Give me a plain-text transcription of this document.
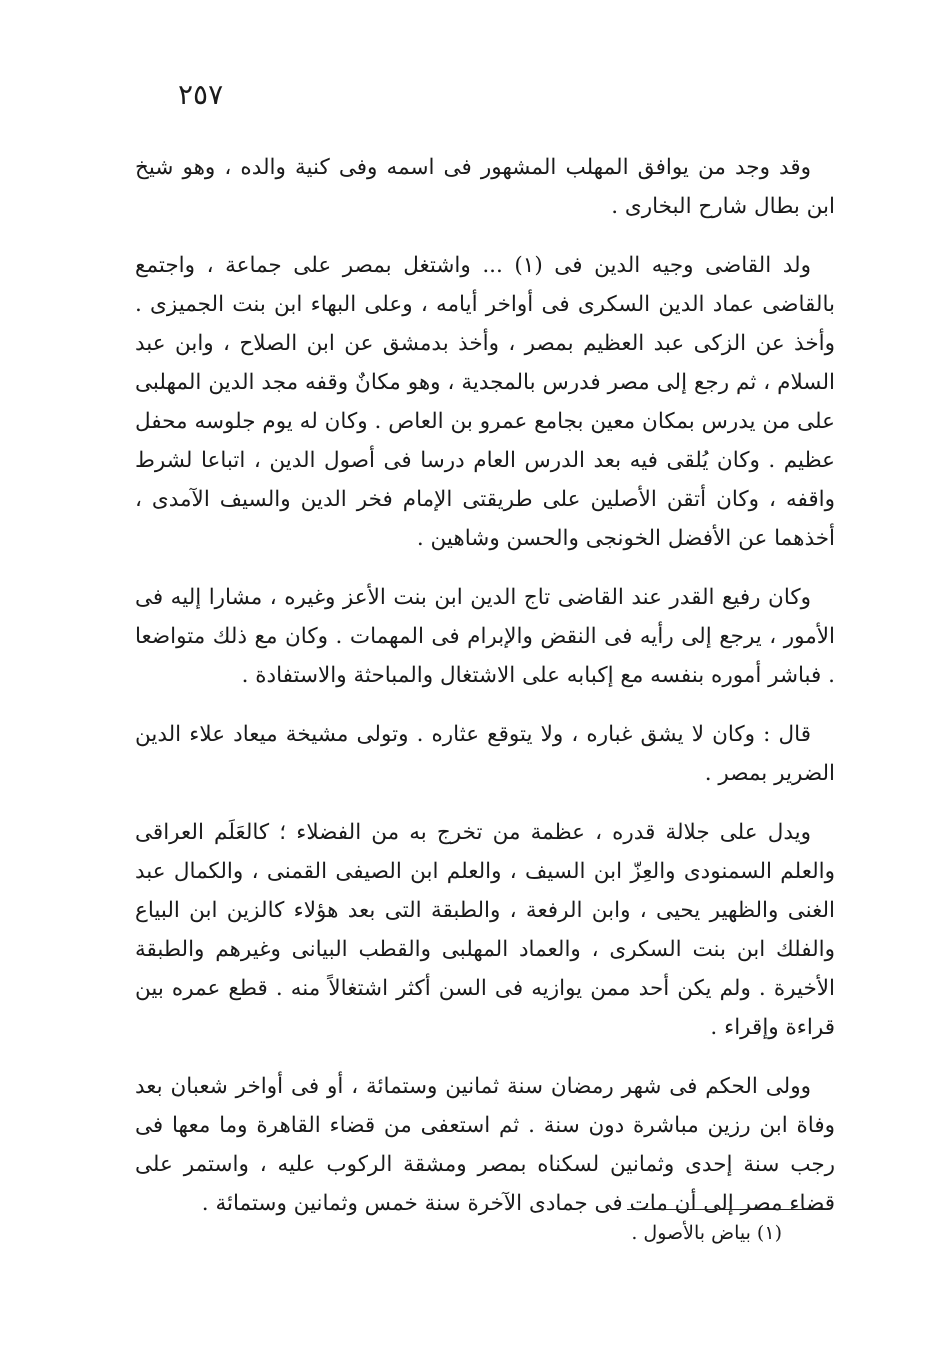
٢٥٧

وقد وجد من يوافق المهلب المشهور فى اسمه وفى كنية والده ، وهو شيخ ابن بطال شارح البخارى .

ولد القاضى وجيه الدين فى (١) ... واشتغل بمصر على جماعة ، واجتمع بالقاضى عماد الدين السكرى فى أواخر أيامه ، وعلى البهاء ابن بنت الجميزى . وأخذ عن الزكى عبد العظيم بمصر ، وأخذ بدمشق عن ابن الصلاح ، وابن عبد السلام ، ثم رجع إلى مصر فدرس بالمجدية ، وهو مكانٌ وقفه مجد الدين المهلبى على من يدرس بمكان معين بجامع عمرو بن العاص . وكان له يوم جلوسه محفل عظيم . وكان يُلقى فيه بعد الدرس العام درسا فى أصول الدين ، اتباعا لشرط واقفه ، وكان أتقن الأصلين على طريقتى الإمام فخر الدين والسيف الآمدى ، أخذهما عن الأفضل الخونجى والحسن وشاهين .

وكان رفيع القدر عند القاضى تاج الدين ابن بنت الأعز وغيره ، مشارا إليه فى الأمور ، يرجع إلى رأيه فى النقض والإبرام فى المهمات . وكان مع ذلك متواضعا . فباشر أموره بنفسه مع إكبابه على الاشتغال والمباحثة والاستفادة .

قال : وكان لا يشق غباره ، ولا يتوقع عثاره . وتولى مشيخة ميعاد علاء الدين الضرير بمصر .

ويدل على جلالة قدره ، عظمة من تخرج به من الفضلاء ؛ كالعَلَم العراقى والعلم السمنودى والعِزّ ابن السيف ، والعلم ابن الصيفى القمنى ، والكمال عبد الغنى والظهير يحيى ، وابن الرفعة ، والطبقة التى بعد هؤلاء كالزين ابن البياع والفلك ابن بنت السكرى ، والعماد المهلبى والقطب البيانى وغيرهم والطبقة الأخيرة . ولم يكن أحد ممن يوازيه فى السن أكثر اشتغالاً منه . قطع عمره بين قراءة وإقراء .

وولى الحكم فى شهر رمضان سنة ثمانين وستمائة ، أو فى أواخر شعبان بعد وفاة ابن رزين مباشرة دون سنة . ثم استعفى من قضاء القاهرة وما معها فى رجب سنة إحدى وثمانين لسكناه بمصر ومشقة الركوب عليه ، واستمر على قضاء مصر إلى أن مات فى جمادى الآخرة سنة خمس وثمانين وستمائة .

(١) بياض بالأصول .
